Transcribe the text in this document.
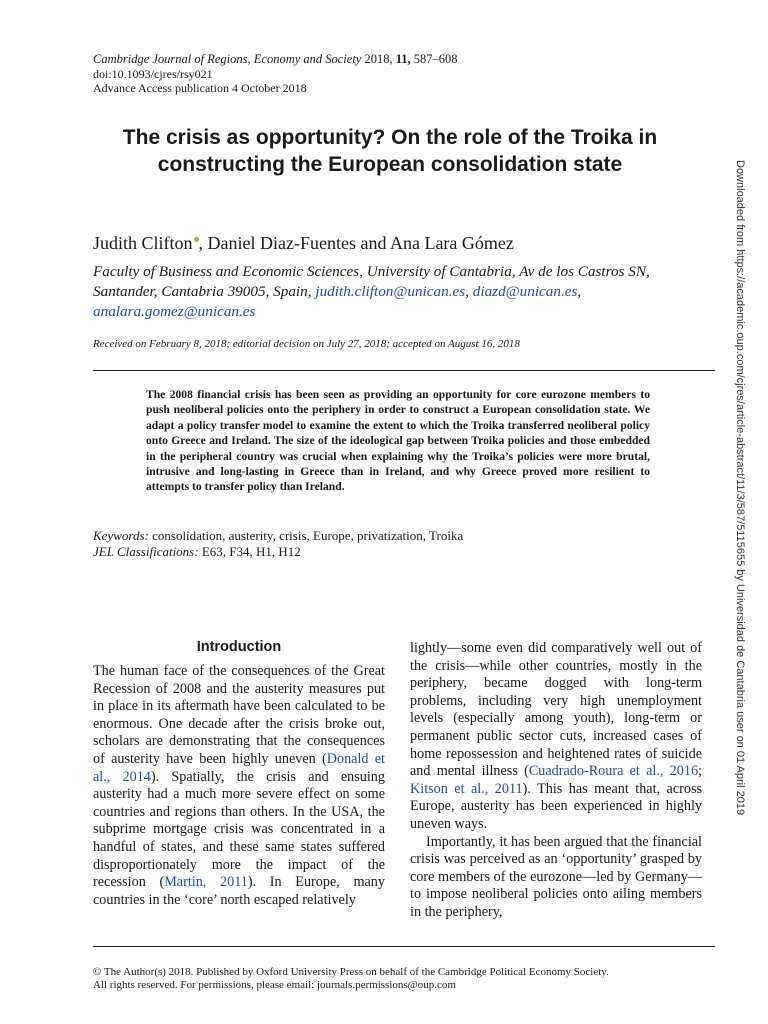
Cambridge Journal of Regions, Economy and Society 2018, 11, 587–608
doi:10.1093/cjres/rsy021
Advance Access publication 4 October 2018
The crisis as opportunity? On the role of the Troika in constructing the European consolidation state
Judith Clifton , Daniel Diaz-Fuentes and Ana Lara Gómez
Faculty of Business and Economic Sciences, University of Cantabria, Av de los Castros SN, Santander, Cantabria 39005, Spain, judith.clifton@unican.es, diazd@unican.es, analara.gomez@unican.es
Received on February 8, 2018; editorial decision on July 27, 2018; accepted on August 16, 2018
The 2008 financial crisis has been seen as providing an opportunity for core eurozone members to push neoliberal policies onto the periphery in order to construct a European consolidation state. We adapt a policy transfer model to examine the extent to which the Troika transferred neoliberal policy onto Greece and Ireland. The size of the ideological gap between Troika policies and those embedded in the peripheral country was crucial when explaining why the Troika’s policies were more brutal, intrusive and long-lasting in Greece than in Ireland, and why Greece proved more resilient to attempts to transfer policy than Ireland.
Keywords: consolidation, austerity, crisis, Europe, privatization, Troika
JEL Classifications: E63, F34, H1, H12
Introduction

The human face of the consequences of the Great Recession of 2008 and the austerity measures put in place in its aftermath have been calculated to be enormous. One decade after the crisis broke out, scholars are demonstrating that the consequences of austerity have been highly uneven (Donald et al., 2014). Spatially, the crisis and ensuing austerity had a much more severe effect on some countries and regions than others. In the USA, the subprime mortgage crisis was concentrated in a handful of states, and these same states suffered disproportionately more the impact of the recession (Martin, 2011). In Europe, many countries in the ‘core’ north escaped relatively

lightly—some even did comparatively well out of the crisis—while other countries, mostly in the periphery, became dogged with long-term problems, including very high unemployment levels (especially among youth), long-term or permanent public sector cuts, increased cases of home repossession and heightened rates of suicide and mental illness (Cuadrado-Roura et al., 2016; Kitson et al., 2011). This has meant that, across Europe, austerity has been experienced in highly uneven ways.

Importantly, it has been argued that the financial crisis was perceived as an ‘opportunity’ grasped by core members of the eurozone—led by Germany—to impose neoliberal policies onto ailing members in the periphery,

© The Author(s) 2018. Published by Oxford University Press on behalf of the Cambridge Political Economy Society.
All rights reserved. For permissions, please email: journals.permissions@oup.com
Downloaded from https://academic.oup.com/cjres/article-abstract/11/3/587/5115655 by Universidad de Cantabria user on 01 April 2019
